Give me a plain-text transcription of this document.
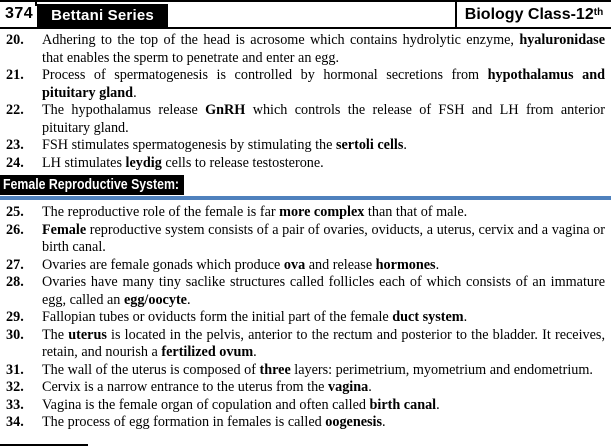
374	Bettani Series	Biology Class-12 th
20.	Adhering to the top of the head is acrosome which contains hydrolytic enzyme, hyaluronidase that enables the sperm to penetrate and enter an egg.
21.	Process of spermatogenesis is controlled by hormonal secretions from hypothalamus and pituitary gland.
22.	The hypothalamus release GnRH which controls the release of FSH and LH from anterior pituitary gland.
23.	FSH stimulates spermatogenesis by stimulating the sertoli cells.
24.	LH stimulates leydig cells to release testosterone.
Female Reproductive System:
25.	The reproductive role of the female is far more complex than that of male.
26.	Female reproductive system consists of a pair of ovaries, oviducts, a uterus, cervix and a vagina or birth canal.
27.	Ovaries are female gonads which produce ova and release hormones.
28.	Ovaries have many tiny saclike structures called follicles each of which consists of an immature egg, called an egg/oocyte.
29.	Fallopian tubes or oviducts form the initial part of the female duct system.
30.	The uterus is located in the pelvis, anterior to the rectum and posterior to the bladder. It receives, retain, and nourish a fertilized ovum.
31.	The wall of the uterus is composed of three layers: perimetrium, myometrium and endometrium.
32.	Cervix is a narrow entrance to the uterus from the vagina.
33.	Vagina is the female organ of copulation and often called birth canal.
34.	The process of egg formation in females is called oogenesis.
